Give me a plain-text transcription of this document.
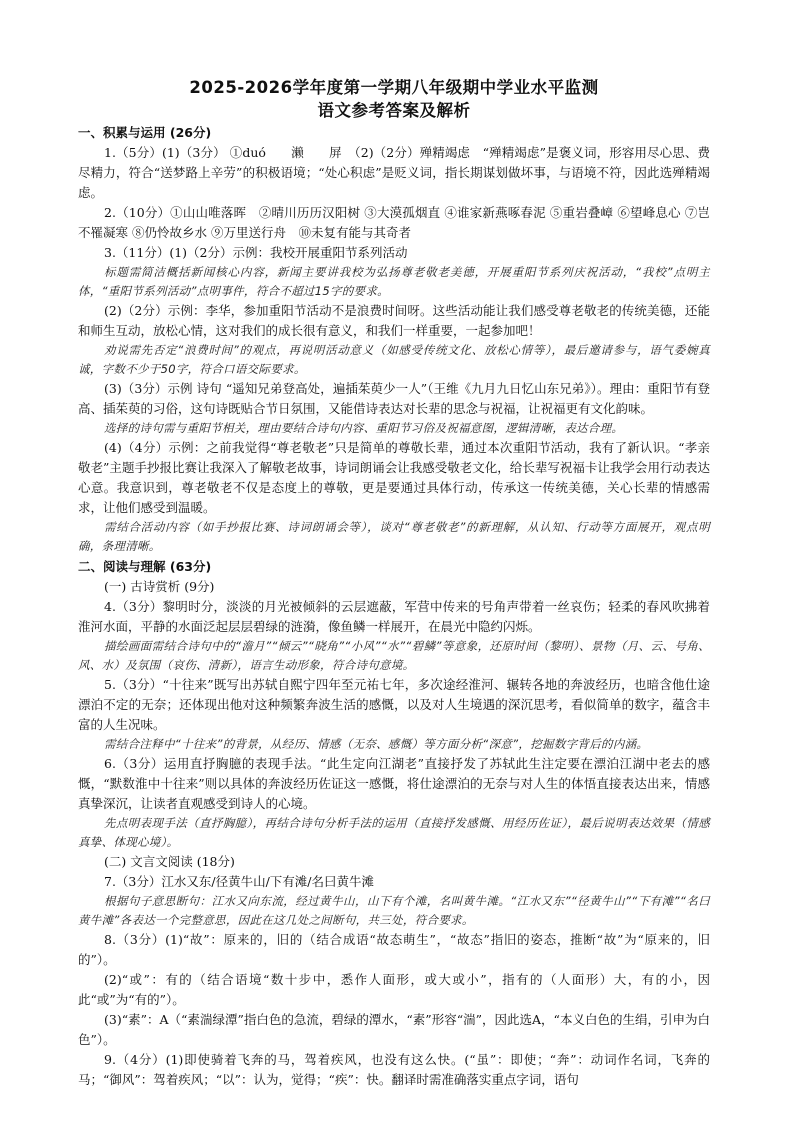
2025-2026学年度第一学期八年级期中学业水平监测
语文参考答案及解析
一、积累与运用 (26分)
1.（5分）(1)（3分） ①duó　　濑　　屏　（2)（2分）殚精竭虑　“殚精竭虑”是褒义词，形容用尽心思、费尽精力，符合“送梦路上辛劳”的积极语境；“处心积虑”是贬义词，指长期谋划做坏事，与语境不符，因此选殚精竭虑。
2.（10分）①山山唯落晖　②晴川历历汉阳树 ③大漠孤烟直 ④谁家新燕啄春泥 ⑤重岩叠嶂 ⑥望峰息心 ⑦岂不罹凝寒 ⑧仍怜故乡水 ⑨万里送行舟　⑩未复有能与其奇者
3.（11分）(1)（2分）示例：我校开展重阳节系列活动
标题需简洁概括新闻核心内容，新闻主要讲我校为弘扬尊老敬老美德，开展重阳节系列庆祝活动，“我校”点明主体，“重阳节系列活动”点明事件，符合不超过15字的要求。
(2)（2分）示例：李华，参加重阳节活动不是浪费时间呀。这些活动能让我们感受尊老敬老的传统美德，还能和师生互动，放松心情，这对我们的成长很有意义，和我们一样重要，一起参加吧！
劝说需先否定“浪费时间”的观点，再说明活动意义（如感受传统文化、放松心情等），最后邀请参与，语气委婉真诚，字数不少于50字，符合口语交际要求。
(3)（3分）示例 诗句 “遥知兄弟登高处，遍插茱萸少一人”（王维《九月九日忆山东兄弟》）。理由：重阳节有登高、插茱萸的习俗，这句诗既贴合节日氛围，又能借诗表达对长辈的思念与祝福，让祝福更有文化韵味。
选择的诗句需与重阳节相关，理由要结合诗句内容、重阳节习俗及祝福意图，逻辑清晰，表达合理。
(4)（4分）示例：之前我觉得“尊老敬老”只是简单的尊敬长辈，通过本次重阳节活动，我有了新认识。“孝亲敬老”主题手抄报比赛让我深入了解敬老故事，诗词朗诵会让我感受敬老文化，给长辈写祝福卡让我学会用行动表达心意。我意识到，尊老敬老不仅是态度上的尊敬，更是要通过具体行动，传承这一传统美德，关心长辈的情感需求，让他们感受到温暖。
需结合活动内容（如手抄报比赛、诗词朗诵会等），谈对“尊老敬老”的新理解，从认知、行动等方面展开，观点明确，条理清晰。
二、阅读与理解 (63分)
(一) 古诗赏析 (9分)
4.（3分）黎明时分，淡淡的月光被倾斜的云层遮蔽，军营中传来的号角声带着一丝哀伤；轻柔的春风吹拂着淮河水面，平静的水面泛起层层碧绿的涟漪，像鱼鳞一样展开，在晨光中隐约闪烁。
描绘画面需结合诗句中的“澹月”“倾云”“晓角”“小风”“水”“碧鳞”等意象，还原时间（黎明）、景物（月、云、号角、风、水）及氛围（哀伤、清新），语言生动形象，符合诗句意境。
5.（3分）“十往来”既写出苏轼自熙宁四年至元祐七年，多次途经淮河、辗转各地的奔波经历，也暗含他仕途漂泊不定的无奈；还体现出他对这种频繁奔波生活的感慨，以及对人生境遇的深沉思考，看似简单的数字，蕴含丰富的人生况味。
需结合注释中“十往来”的背景，从经历、情感（无奈、感慨）等方面分析“深意”，挖掘数字背后的内涵。
6.（3分）运用直抒胸臆的表现手法。“此生定向江湖老”直接抒发了苏轼此生注定要在漂泊江湖中老去的感慨，“默数淮中十往来”则以具体的奔波经历佐证这一感慨，将仕途漂泊的无奈与对人生的体悟直接表达出来，情感真挚深沉，让读者直观感受到诗人的心境。
先点明表现手法（直抒胸臆），再结合诗句分析手法的运用（直接抒发感慨、用经历佐证），最后说明表达效果（情感真挚、体现心境）。
(二) 文言文阅读 (18分)
7.（3分）江水又东/径黄牛山/下有滩/名曰黄牛滩
根据句子意思断句：江水又向东流，经过黄牛山，山下有个滩，名叫黄牛滩。“江水又东”“径黄牛山”“下有滩”“名曰黄牛滩”各表达一个完整意思，因此在这几处之间断句，共三处，符合要求。
8.（3分）(1)“故”：原来的，旧的（结合成语“故态萌生”，“故态”指旧的姿态，推断“故”为“原来的，旧的”）。
(2)“或”：有的（结合语境“数十步中，悉作人面形，或大或小”，指有的（人面形）大，有的小，因此“或”为“有的”）。
(3)“素”：A（“素湍绿潭”指白色的急流，碧绿的潭水，“素”形容“湍”，因此选A，“本义白色的生绢，引申为白色”）。
9.（4分）(1)即使骑着飞奔的马，驾着疾风，也没有这么快。(“虽”：即使；“奔”：动词作名词，飞奔的马；“御风”：驾着疾风；“以”：认为，觉得；“疾”：快。翻译时需准确落实重点字词，语句
